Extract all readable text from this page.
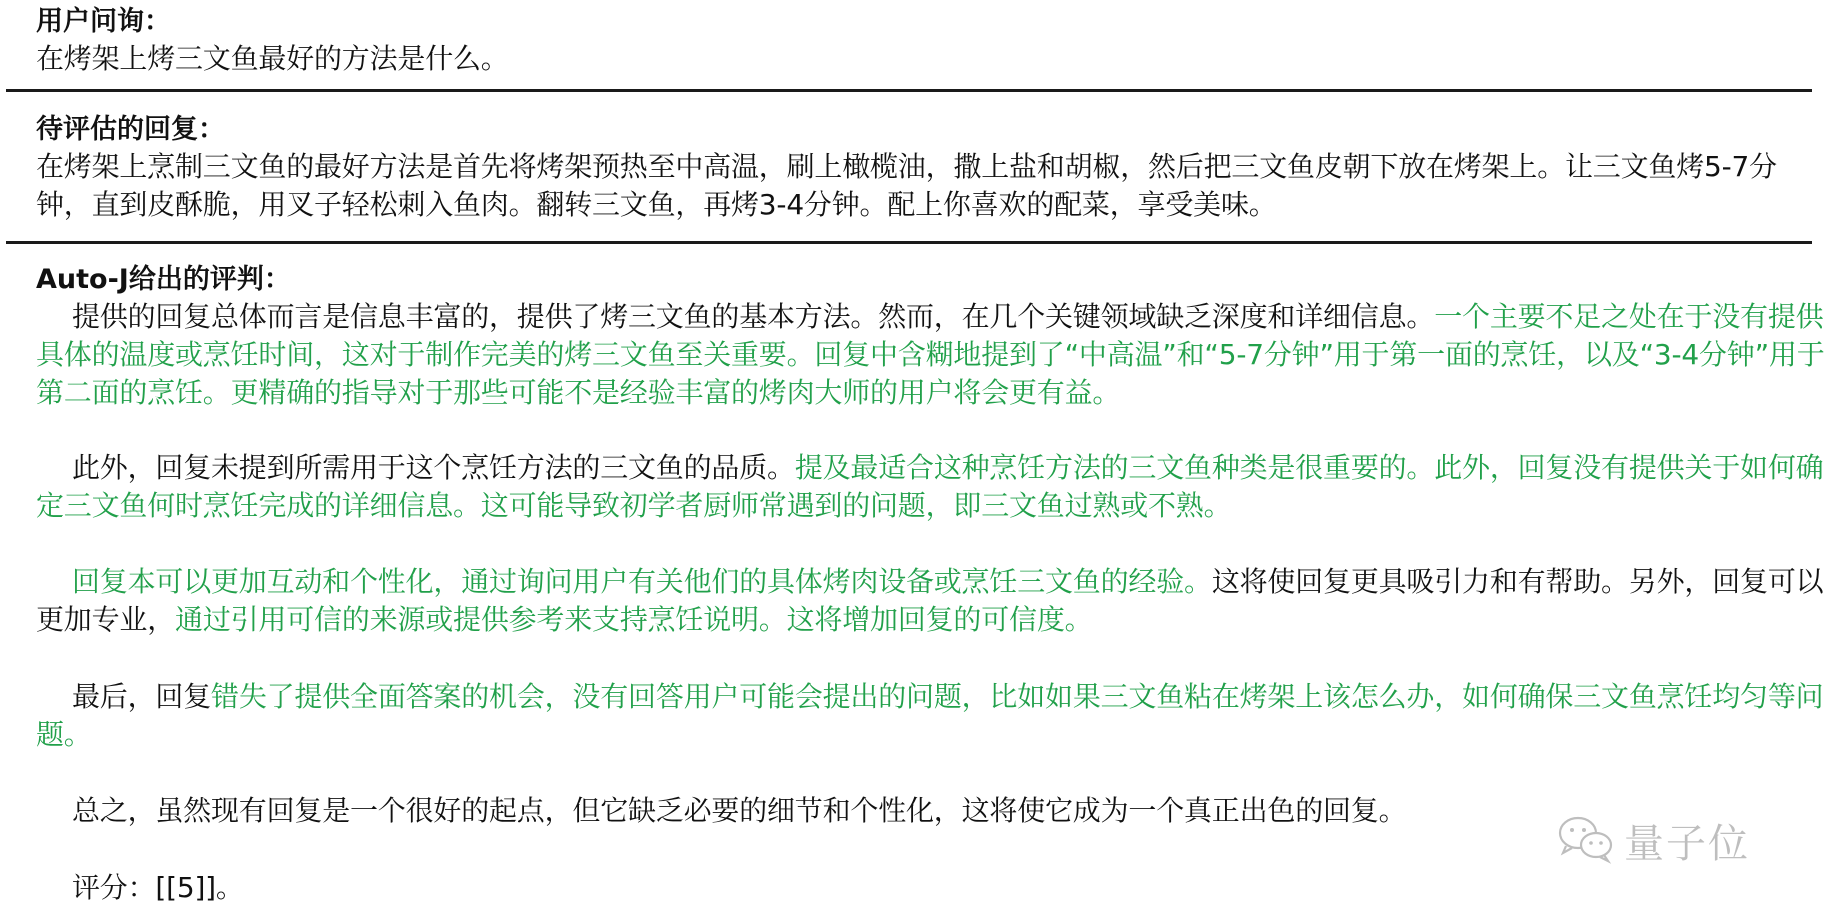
用户问询：
在烤架上烤三文鱼最好的方法是什么。
待评估的回复：
在烤架上烹制三文鱼的最好方法是首先将烤架预热至中高温，刷上橄榄油，撒上盐和胡椒，然后把三文鱼皮朝下放在烤架上。让三文鱼烤5-7分钟，直到皮酥脆，用叉子轻松刺入鱼肉。翻转三文鱼，再烤3-4分钟。配上你喜欢的配菜，享受美味。
Auto-J给出的评判：

提供的回复总体而言是信息丰富的，提供了烤三文鱼的基本方法。然而，在几个关键领域缺乏深度和详细信息。一个主要不足之处在于没有提供具体的温度或烹饪时间，这对于制作完美的烤三文鱼至关重要。回复中含糊地提到了“中高温”和“5-7分钟”用于第一面的烹饪，以及“3-4分钟”用于第二面的烹饪。更精确的指导对于那些可能不是经验丰富的烤肉大师的用户将会更有益。

此外，回复未提到所需用于这个烹饪方法的三文鱼的品质。提及最适合这种烹饪方法的三文鱼种类是很重要的。此外，回复没有提供关于如何确定三文鱼何时烹饪完成的详细信息。这可能导致初学者厨师常遇到的问题，即三文鱼过熟或不熟。

回复本可以更加互动和个性化，通过询问用户有关他们的具体烤肉设备或烹饪三文鱼的经验。这将使回复更具吸引力和有帮助。另外，回复可以更加专业，通过引用可信的来源或提供参考来支持烹饪说明。这将增加回复的可信度。

最后，回复错失了提供全面答案的机会，没有回答用户可能会提出的问题，比如如果三文鱼粘在烤架上该怎么办，如何确保三文鱼烹饪均匀等问题。

总之，虽然现有回复是一个很好的起点，但它缺乏必要的细节和个性化，这将使它成为一个真正出色的回复。

评分：[[5]]。

量子位
